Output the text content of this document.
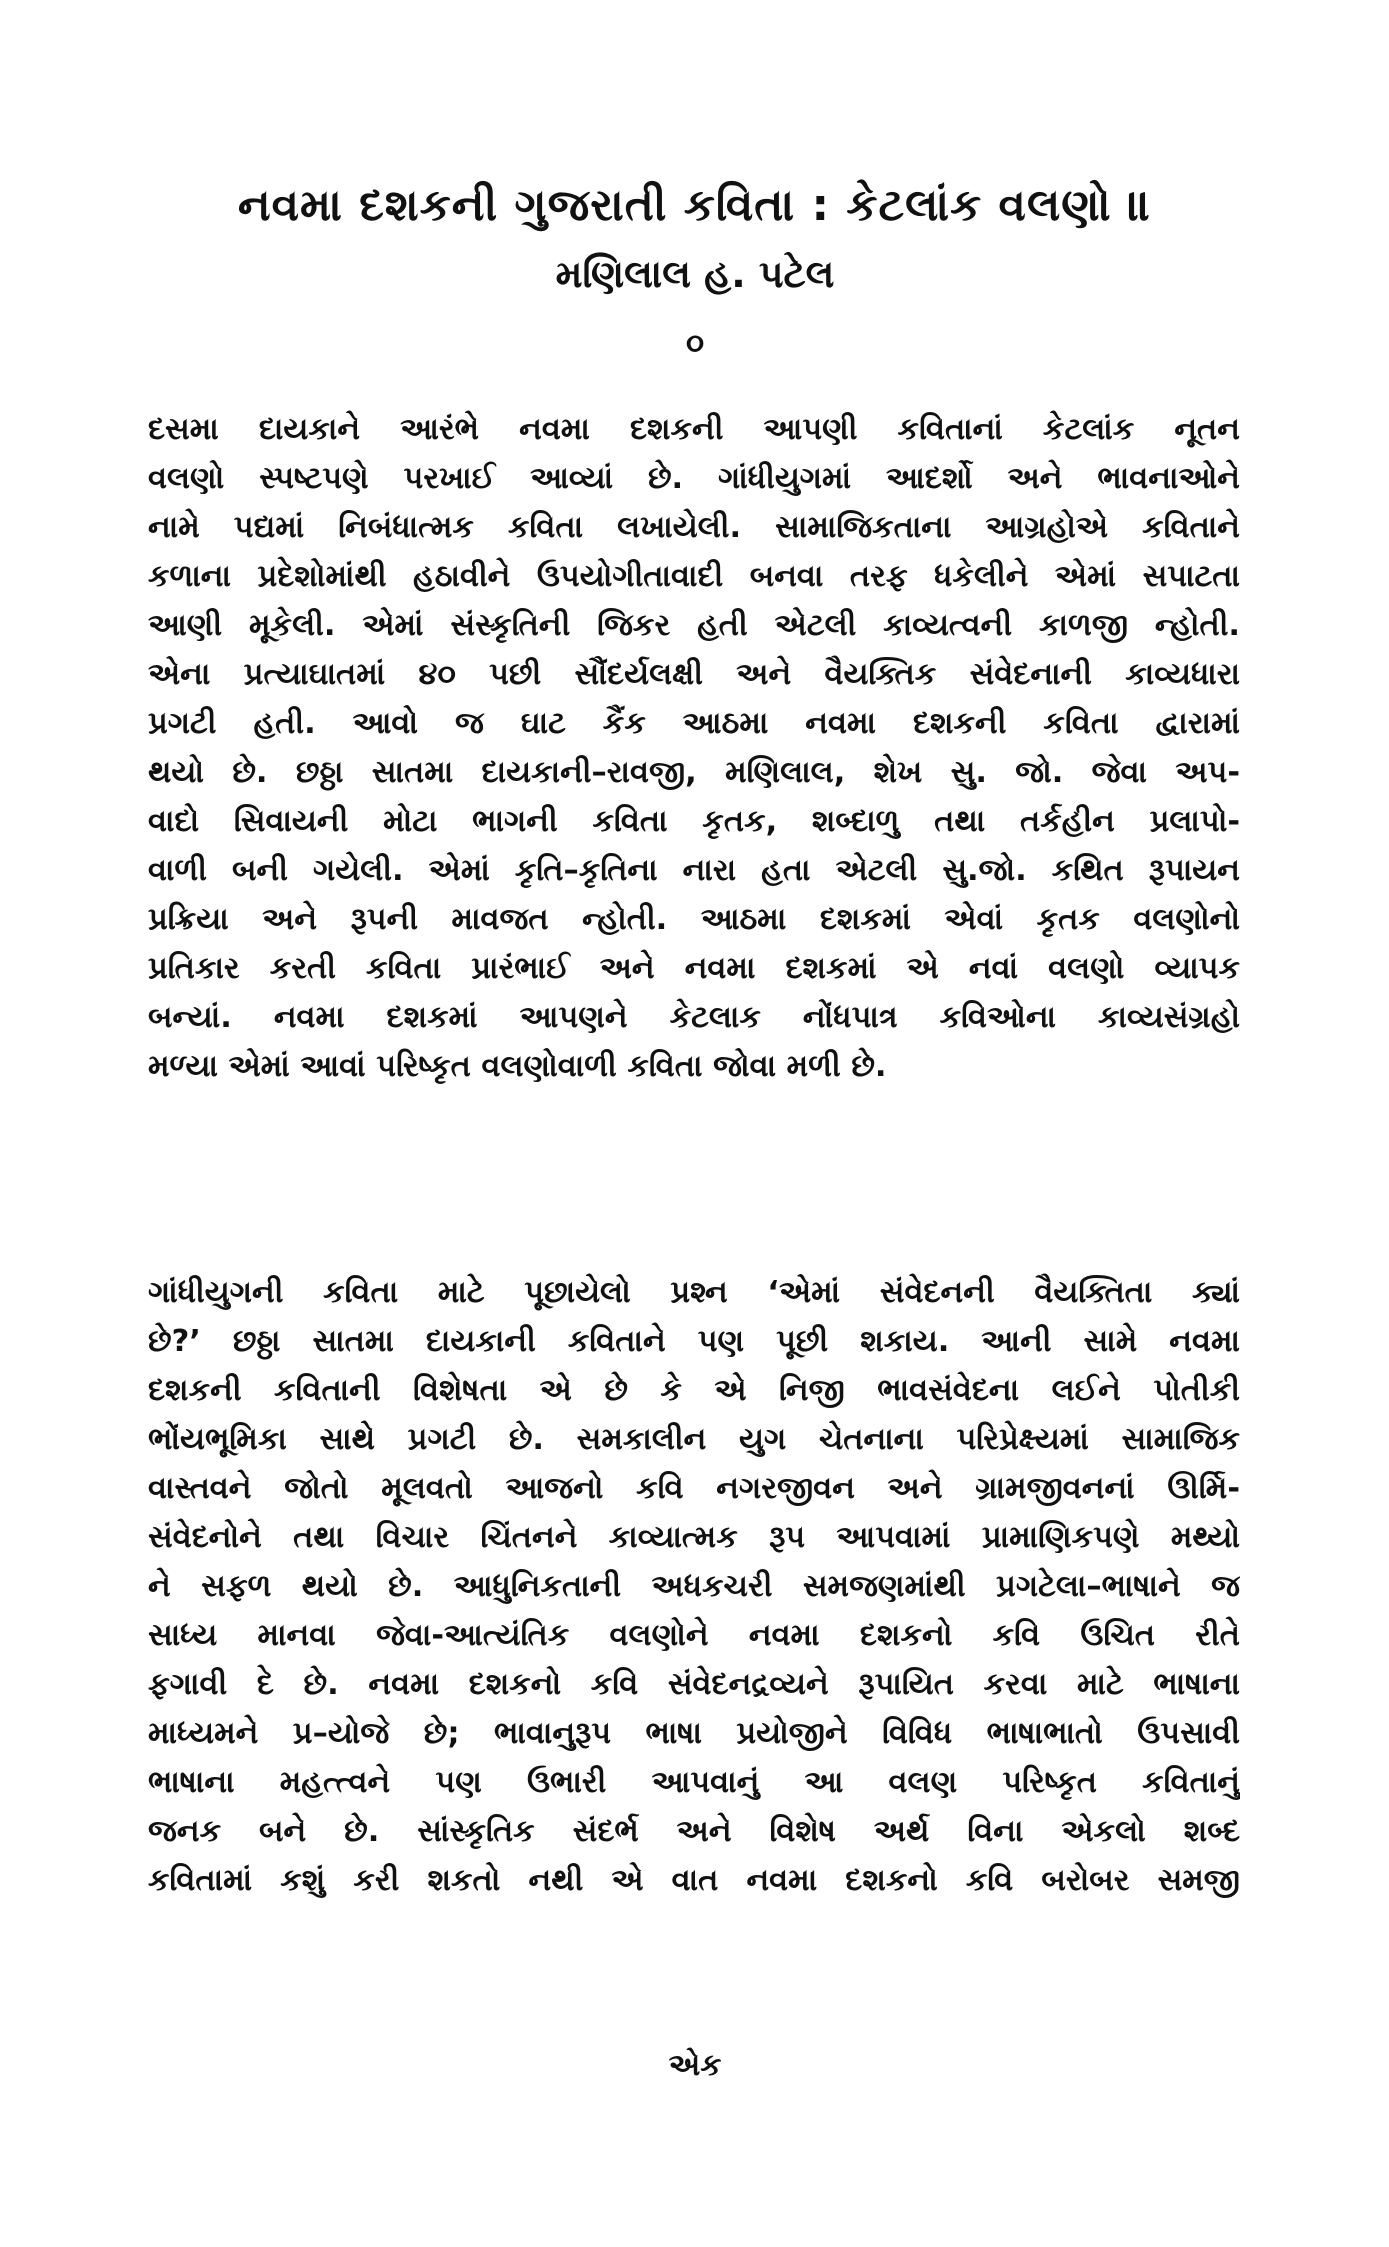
નવમા દશકની ગુજરાતી કવિતા : કેટલાંક વલણો ॥
મણિલાલ હ. પટેલ
૦
દસમા દાયકાને આરંભે નવમા દશકની આપણી કવિતાનાં કેટલાંક નૂતન
વલણો સ્પષ્ટપણે પરખાઈ આવ્યાં છે. ગાંધીયુગમાં આદર્શો અને ભાવનાઓને
નામે પદ્યમાં નિબંધાત્મક કવિતા લખાયેલી. સામાજિકતાના આગ્રહોએ કવિતાને
કળાના પ્રદેશોમાંથી હઠાવીને ઉપયોગીતાવાદી બનવા તરફ ધકેલીને એમાં સપાટતા
આણી મૂકેલી. એમાં સંસ્કૃતિની જિકર હતી એટલી કાવ્યત્વની કાળજી ન્હોતી.
એના પ્રત્યાઘાતમાં ૪૦ પછી સૌંદર્યલક્ષી અને વૈયક્તિક સંવેદનાની કાવ્યધારા
પ્રગટી હતી. આવો જ ઘાટ કૈંક આઠમા નવમા દશકની કવિતા દ્વારામાં
થયો છે. છઠ્ઠા સાતમા દાયકાની–રાવજી, મણિલાલ, શેખ સુ. જો. જેવા અપ-
વાદો સિવાયની મોટા ભાગની કવિતા કૃતક, શબ્દાળુ તથા તર્કહીન પ્રલાપો-
વાળી બની ગયેલી. એમાં કૃતિ–કૃતિના નારા હતા એટલી સુ.જો. કથિત રૂપાયન
પ્રક્રિયા અને રૂપની માવજત ન્હોતી. આઠમા દશકમાં એવાં કૃતક વલણોનો
પ્રતિકાર કરતી કવિતા પ્રારંભાઈ અને નવમા દશકમાં એ નવાં વલણો વ્યાપક
બન્યાં. નવમા દશકમાં આપણને કેટલાક નોંધપાત્ર કવિઓના કાવ્યસંગ્રહો
મળ્યા એમાં આવાં પરિષ્કૃત વલણોવાળી કવિતા જોવા મળી છે.
ગાંધીયુગની કવિતા માટે પૂછાયેલો પ્રશ્ન ‘એમાં સંવેદનની વૈયક્તિતા ક્યાં
છે?’ છઠ્ઠા સાતમા દાયકાની કવિતાને પણ પૂછી શકાય. આની સામે નવમા
દશકની કવિતાની વિશેષતા એ છે કે એ નિજી ભાવસંવેદના લઈને પોતીકી
ભોંયભૂમિકા સાથે પ્રગટી છે. સમકાલીન યુગ ચેતનાના પરિપ્રેક્ષ્યમાં સામાજિક
વાસ્તવને જોતો મૂલવતો આજનો કવિ નગરજીવન અને ગ્રામજીવનનાં ઊર્મિ-
સંવેદનોને તથા વિચાર ચિંતનને કાવ્યાત્મક રૂપ આપવામાં પ્રામાણિકપણે મથ્યો
ને સફળ થયો છે. આધુનિકતાની અધકચરી સમજણમાંથી પ્રગટેલા–ભાષાને જ
સાધ્ય માનવા જેવા-આત્યંતિક વલણોને નવમા દશકનો કવિ ઉચિત રીતે
ફગાવી દે છે. નવમા દશકનો કવિ સંવેદનદ્રવ્યને રૂપાયિત કરવા માટે ભાષાના
માધ્યમને પ્ર–યોજે છે; ભાવાનુરૂપ ભાષા પ્રયોજીને વિવિધ ભાષાભાતો ઉપસાવી
ભાષાના મહત્ત્વને પણ ઉભારી આપવાનું આ વલણ પરિષ્કૃત કવિતાનું
જનક બને છે. સાંસ્કૃતિક સંદર્ભ અને વિશેષ અર્થ વિના એકલો શબ્દ
કવિતામાં કશું કરી શકતો નથી એ વાત નવમા દશકનો કવિ બરોબર સમજી
એક
